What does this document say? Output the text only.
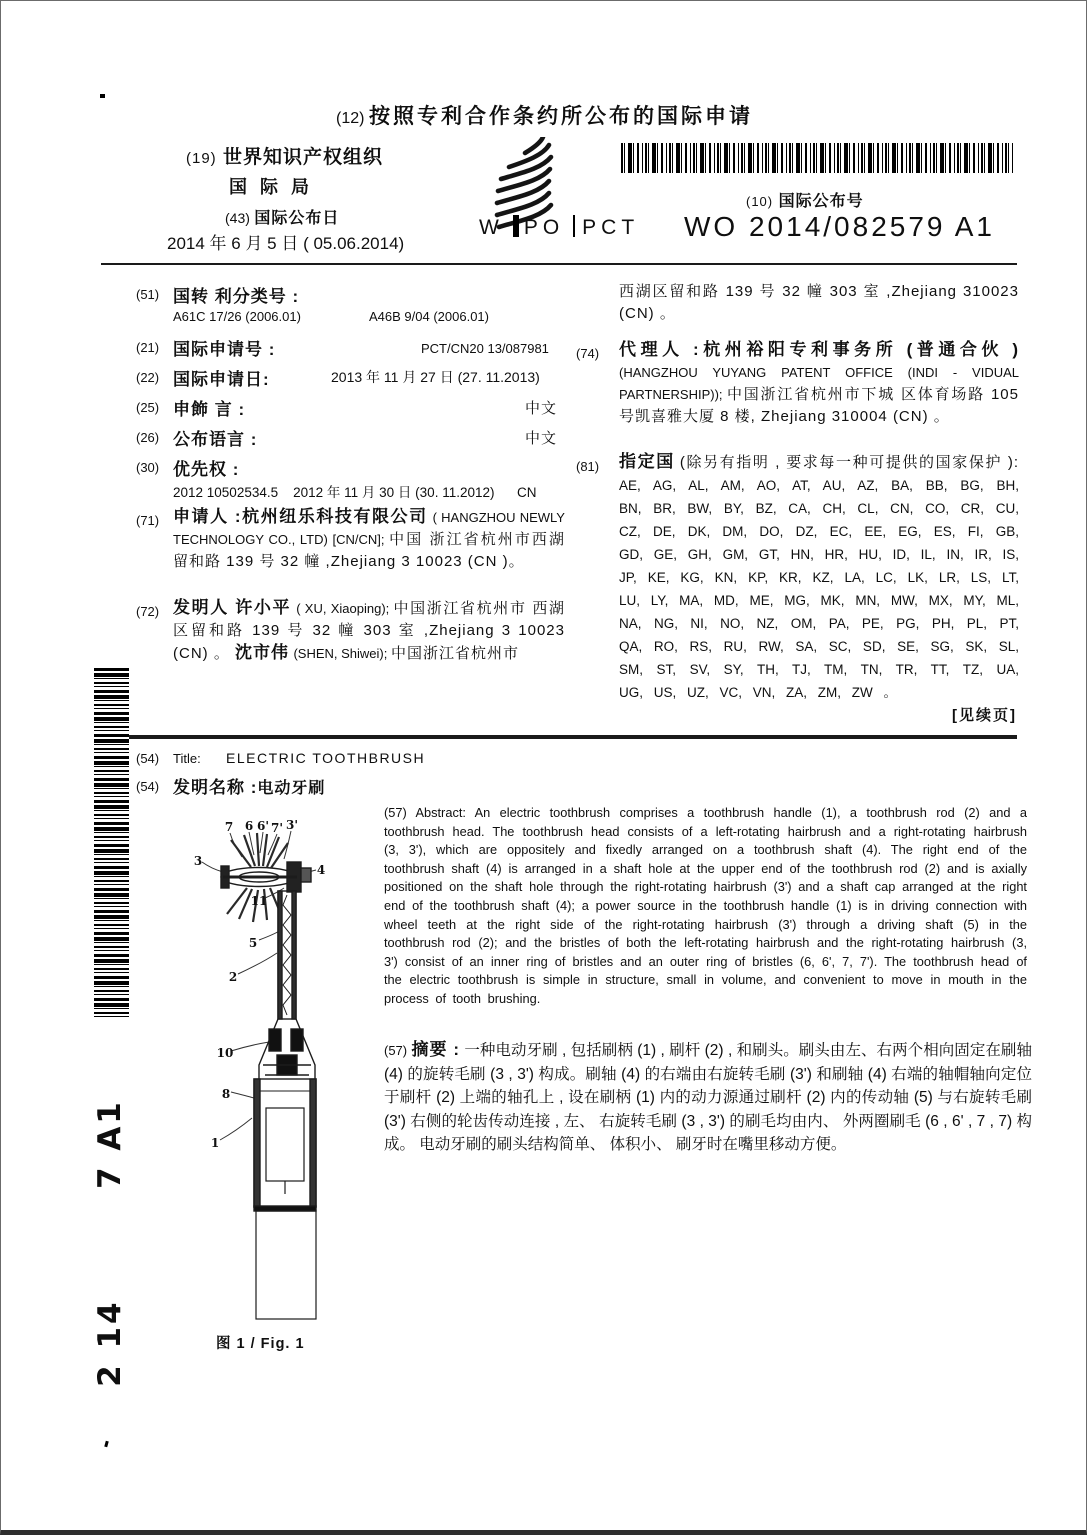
(12) 按照专利合作条约所公布的国际申请
(19) 世界知识产权组织
国 际 局
(43) 国际公布日
2014 年 6 月 5 日 ( 05.06.2014)
W PO PCT
(10) 国际公布号
WO 2014/082579 A1
(51) 国转 利分类号 :
A61C 17/26 (2006.01)	A46B 9/04 (2006.01)
(21) 国际申请号 :	PCT/CN20 13/087981
(22) 国际申请日:	2013 年 11 月 27 日 (27. 11.2013)
(25) 申飾 言 :	中文
(26) 公布语言 :	中文
(30) 优先权 :
2012 10502534.5    2012 年 11 月 30 日 (30. 11.2012)      CN
(71) 申请人 :杭州纽乐科技有限公司 ( HANGZHOU NEWLY TECHNOLOGY CO., LTD) [CN/CN]; 中国 浙江省杭州市西湖留和路 139 号 32 幢 ,Zhejiang 3 10023 (CN )。
(72) 发明人 许小平 ( XU, Xiaoping); 中国浙江省杭州市 西湖区留和路 139 号 32 幢 303 室 ,Zhejiang 3 10023 (CN) 。 沈市伟 (SHEN, Shiwei); 中国浙江省杭州市
西湖区留和路 139 号 32 幢 303 室 ,Zhejiang 310023 (CN) 。
(74) 代理人 :杭州裕阳专利事务所 (普通合伙 ) (HANGZHOU YUYANG PATENT OFFICE (INDI - VIDUAL PARTNERSHIP)); 中国浙江省杭州市下城 区体育场路 105 号凯喜雅大厦 8 楼, Zhejiang 310004 (CN) 。
(81) 指定国 (除另有指明 , 要求每一种可提供的国家保护 ): AE, AG, AL, AM, AO, AT, AU, AZ, BA, BB, BG, BH, BN, BR, BW, BY, BZ, CA, CH, CL, CN, CO, CR, CU, CZ, DE, DK, DM, DO, DZ, EC, EE, EG, ES, FI, GB, GD, GE, GH, GM, GT, HN, HR, HU, ID, IL, IN, IR, IS, JP, KE, KG, KN, KP, KR, KZ, LA, LC, LK, LR, LS, LT, LU, LY, MA, MD, ME, MG, MK, MN, MW, MX, MY, ML, NA, NG, NI, NO, NZ, OM, PA, PE, PG, PH, PL, PT, QA, RO, RS, RU, RW, SA, SC, SD, SE, SG, SK, SL, SM, ST, SV, SY, TH, TJ, TM, TN, TR, TT, TZ, UA, UG, US, UZ, VC, VN, ZA, ZM, ZW 。
[见续页]
(54) Title: ELECTRIC TOOTHBRUSH
(54) 发明名称 :电动牙刷
(57) Abstract: An electric toothbrush comprises a toothbrush handle (1), a toothbrush rod (2) and a toothbrush head. The toothbrush head consists of a left-rotating hairbrush and a right-rotating hairbrush (3, 3'), which are oppositely and fixedly arranged on a toothbrush shaft (4). The right end of the toothbrush shaft (4) is arranged in a shaft hole at the upper end of the toothbrush rod (2) and is axially positioned on the shaft hole through the right-rotating hairbrush (3') and a shaft cap arranged at the right end of the toothbrush shaft (4); a power source in the toothbrush handle (1) is in driving connection with wheel teeth at the right side of the right-rotating hairbrush (3') through a driving shaft (5) in the toothbrush rod (2); and the bristles of both the left-rotating hairbrush and the right-rotating hairbrush (3, 3') consist of an inner ring of bristles and an outer ring of bristles (6, 6', 7, 7'). The toothbrush head of the electric toothbrush is simple in structure, small in volume, and convenient to move in mouth in the process of tooth brushing.
(57) 摘要 : 一种电动牙刷 , 包括刷柄 (1) , 刷杆 (2) , 和刷头。刷头由左、右两个相向固定在刷轴 (4) 的旋转毛刷 (3 , 3') 构成。刷轴 (4) 的右端由右旋转毛刷 (3') 和刷轴 (4) 右端的轴帽轴向定位于刷杆 (2) 上端的轴孔上 , 设在刷柄 (1) 内的动力源通过刷杆 (2) 内的传动轴 (5) 与右旋转毛刷 (3') 右侧的轮齿传动连接 , 左、 右旋转毛刷 (3 , 3') 的刷毛均由内、 外两圈刷毛 (6 , 6' , 7 , 7) 构成。 电动牙刷的刷头结构简单、 体积小、 刷牙时在嘴里移动方便。
7 6 6' 7' 3'
3
4
11
5
2
10
8
1
图 1 / Fig. 1
2 14        7 A1
